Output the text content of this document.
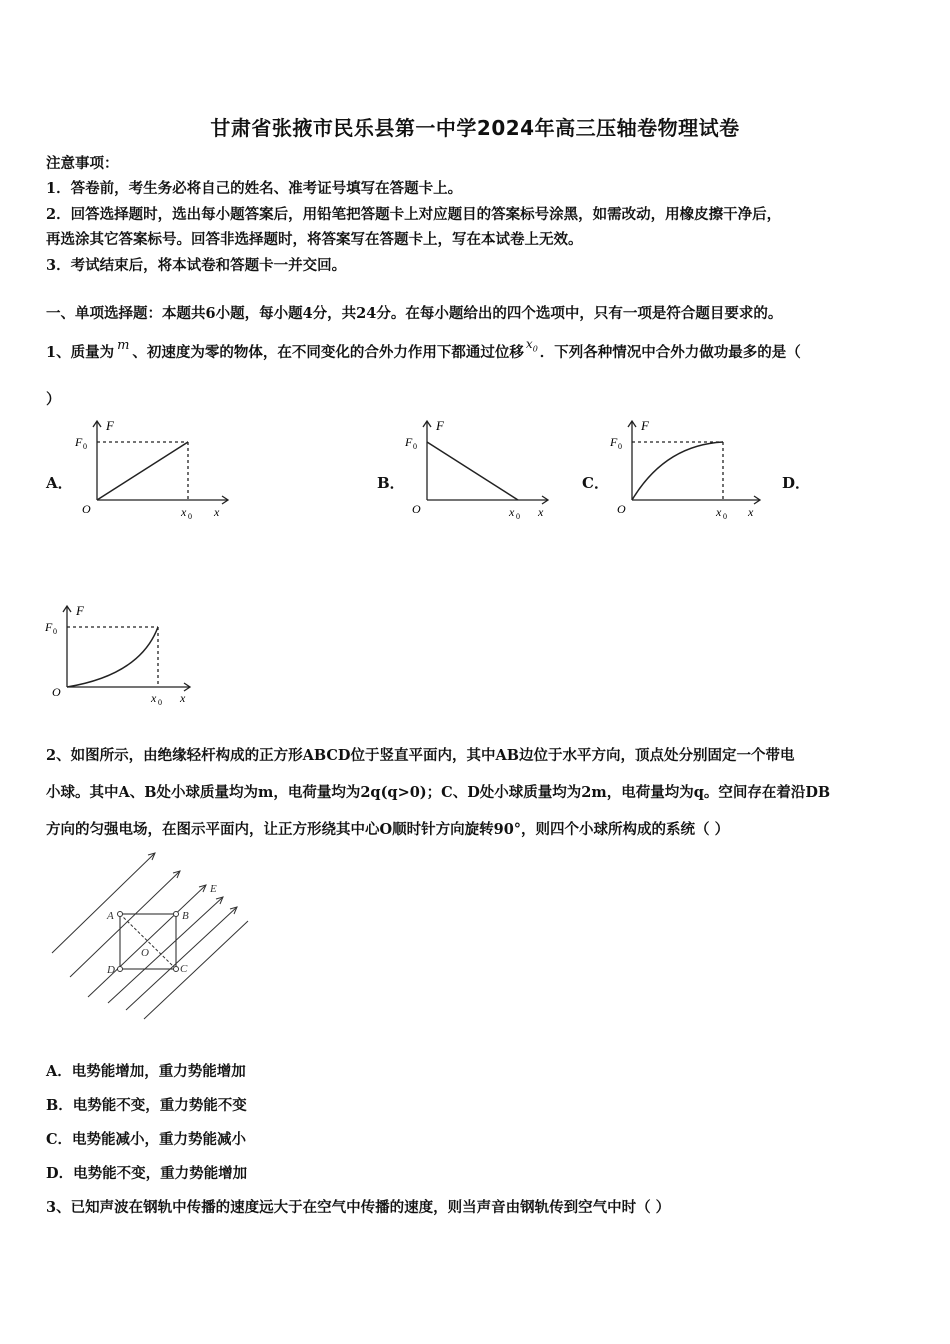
甘肃省张掖市民乐县第一中学2024年高三压轴卷物理试卷
注意事项：
1．答卷前，考生务必将自己的姓名、准考证号填写在答题卡上。
2．回答选择题时，选出每小题答案后，用铅笔把答题卡上对应题目的答案标号涂黑，如需改动，用橡皮擦干净后，
再选涂其它答案标号。回答非选择题时，将答案写在答题卡上，写在本试卷上无效。
3．考试结束后，将本试卷和答题卡一并交回。
一、单项选择题：本题共6小题，每小题4分，共24分。在每小题给出的四个选项中，只有一项是符合题目要求的。
1、质量为 m 、初速度为零的物体，在不同变化的合外力作用下都通过位移 $^{x_0}$ ．下列各种情况中合外力做功最多的是（
）
A．	B．	C．	D．
F
F 0
O	x 0 x
F
F 0
O	x 0 x
F
F 0
O	x 0 x
F
F 0
O	x 0 x
2、如图所示，由绝缘轻杆构成的正方形ABCD位于竖直平面内，其中AB边位于水平方向，顶点处分别固定一个带电
小球。其中A、B处小球质量均为m，电荷量均为2q(q>0)；C、D处小球质量均为2m，电荷量均为q。空间存在着沿DB
方向的匀强电场，在图示平面内，让正方形绕其中心O顺时针方向旋转90°，则四个小球所构成的系统（ ）
E
A	B
C
D
O
A．电势能增加，重力势能增加
B．电势能不变，重力势能不变
C．电势能减小，重力势能减小
D．电势能不变，重力势能增加
3、已知声波在钢轨中传播的速度远大于在空气中传播的速度，则当声音由钢轨传到空气中时（ ）
